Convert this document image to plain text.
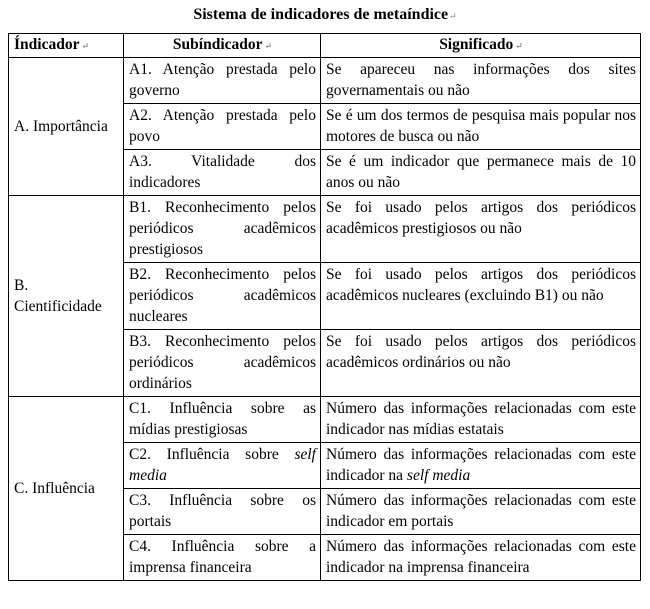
Sistema de indicadores de metaíndice↵
Índicador ↵	Subíndicador ↵	Significado ↵
A. Importância	A1. Atenção prestada pelo governo	Se apareceu nas informações dos sites governamentais ou não
	A2. Atenção prestada pelo povo	Se é um dos termos de pesquisa mais popular nos motores de busca ou não
	A3. Vitalidade dos indicadores	Se é um indicador que permanece mais de 10 anos ou não
B. Cientificidade	B1. Reconhecimento pelos periódicos acadêmicos prestigiosos	Se foi usado pelos artigos dos periódicos acadêmicos prestigiosos ou não
	B2. Reconhecimento pelos periódicos acadêmicos nucleares	Se foi usado pelos artigos dos periódicos acadêmicos nucleares (excluindo B1) ou não
	B3. Reconhecimento pelos periódicos acadêmicos ordinários	Se foi usado pelos artigos dos periódicos acadêmicos ordinários ou não
C. Influência	C1. Influência sobre as mídias prestigiosas	Número das informações relacionadas com este indicador nas mídias estatais
	C2. Influência sobre self media	Número das informações relacionadas com este indicador na self media
	C3. Influência sobre os portais	Número das informações relacionadas com este indicador em portais
	C4. Influência sobre a imprensa financeira	Número das informações relacionadas com este indicador na imprensa financeira
